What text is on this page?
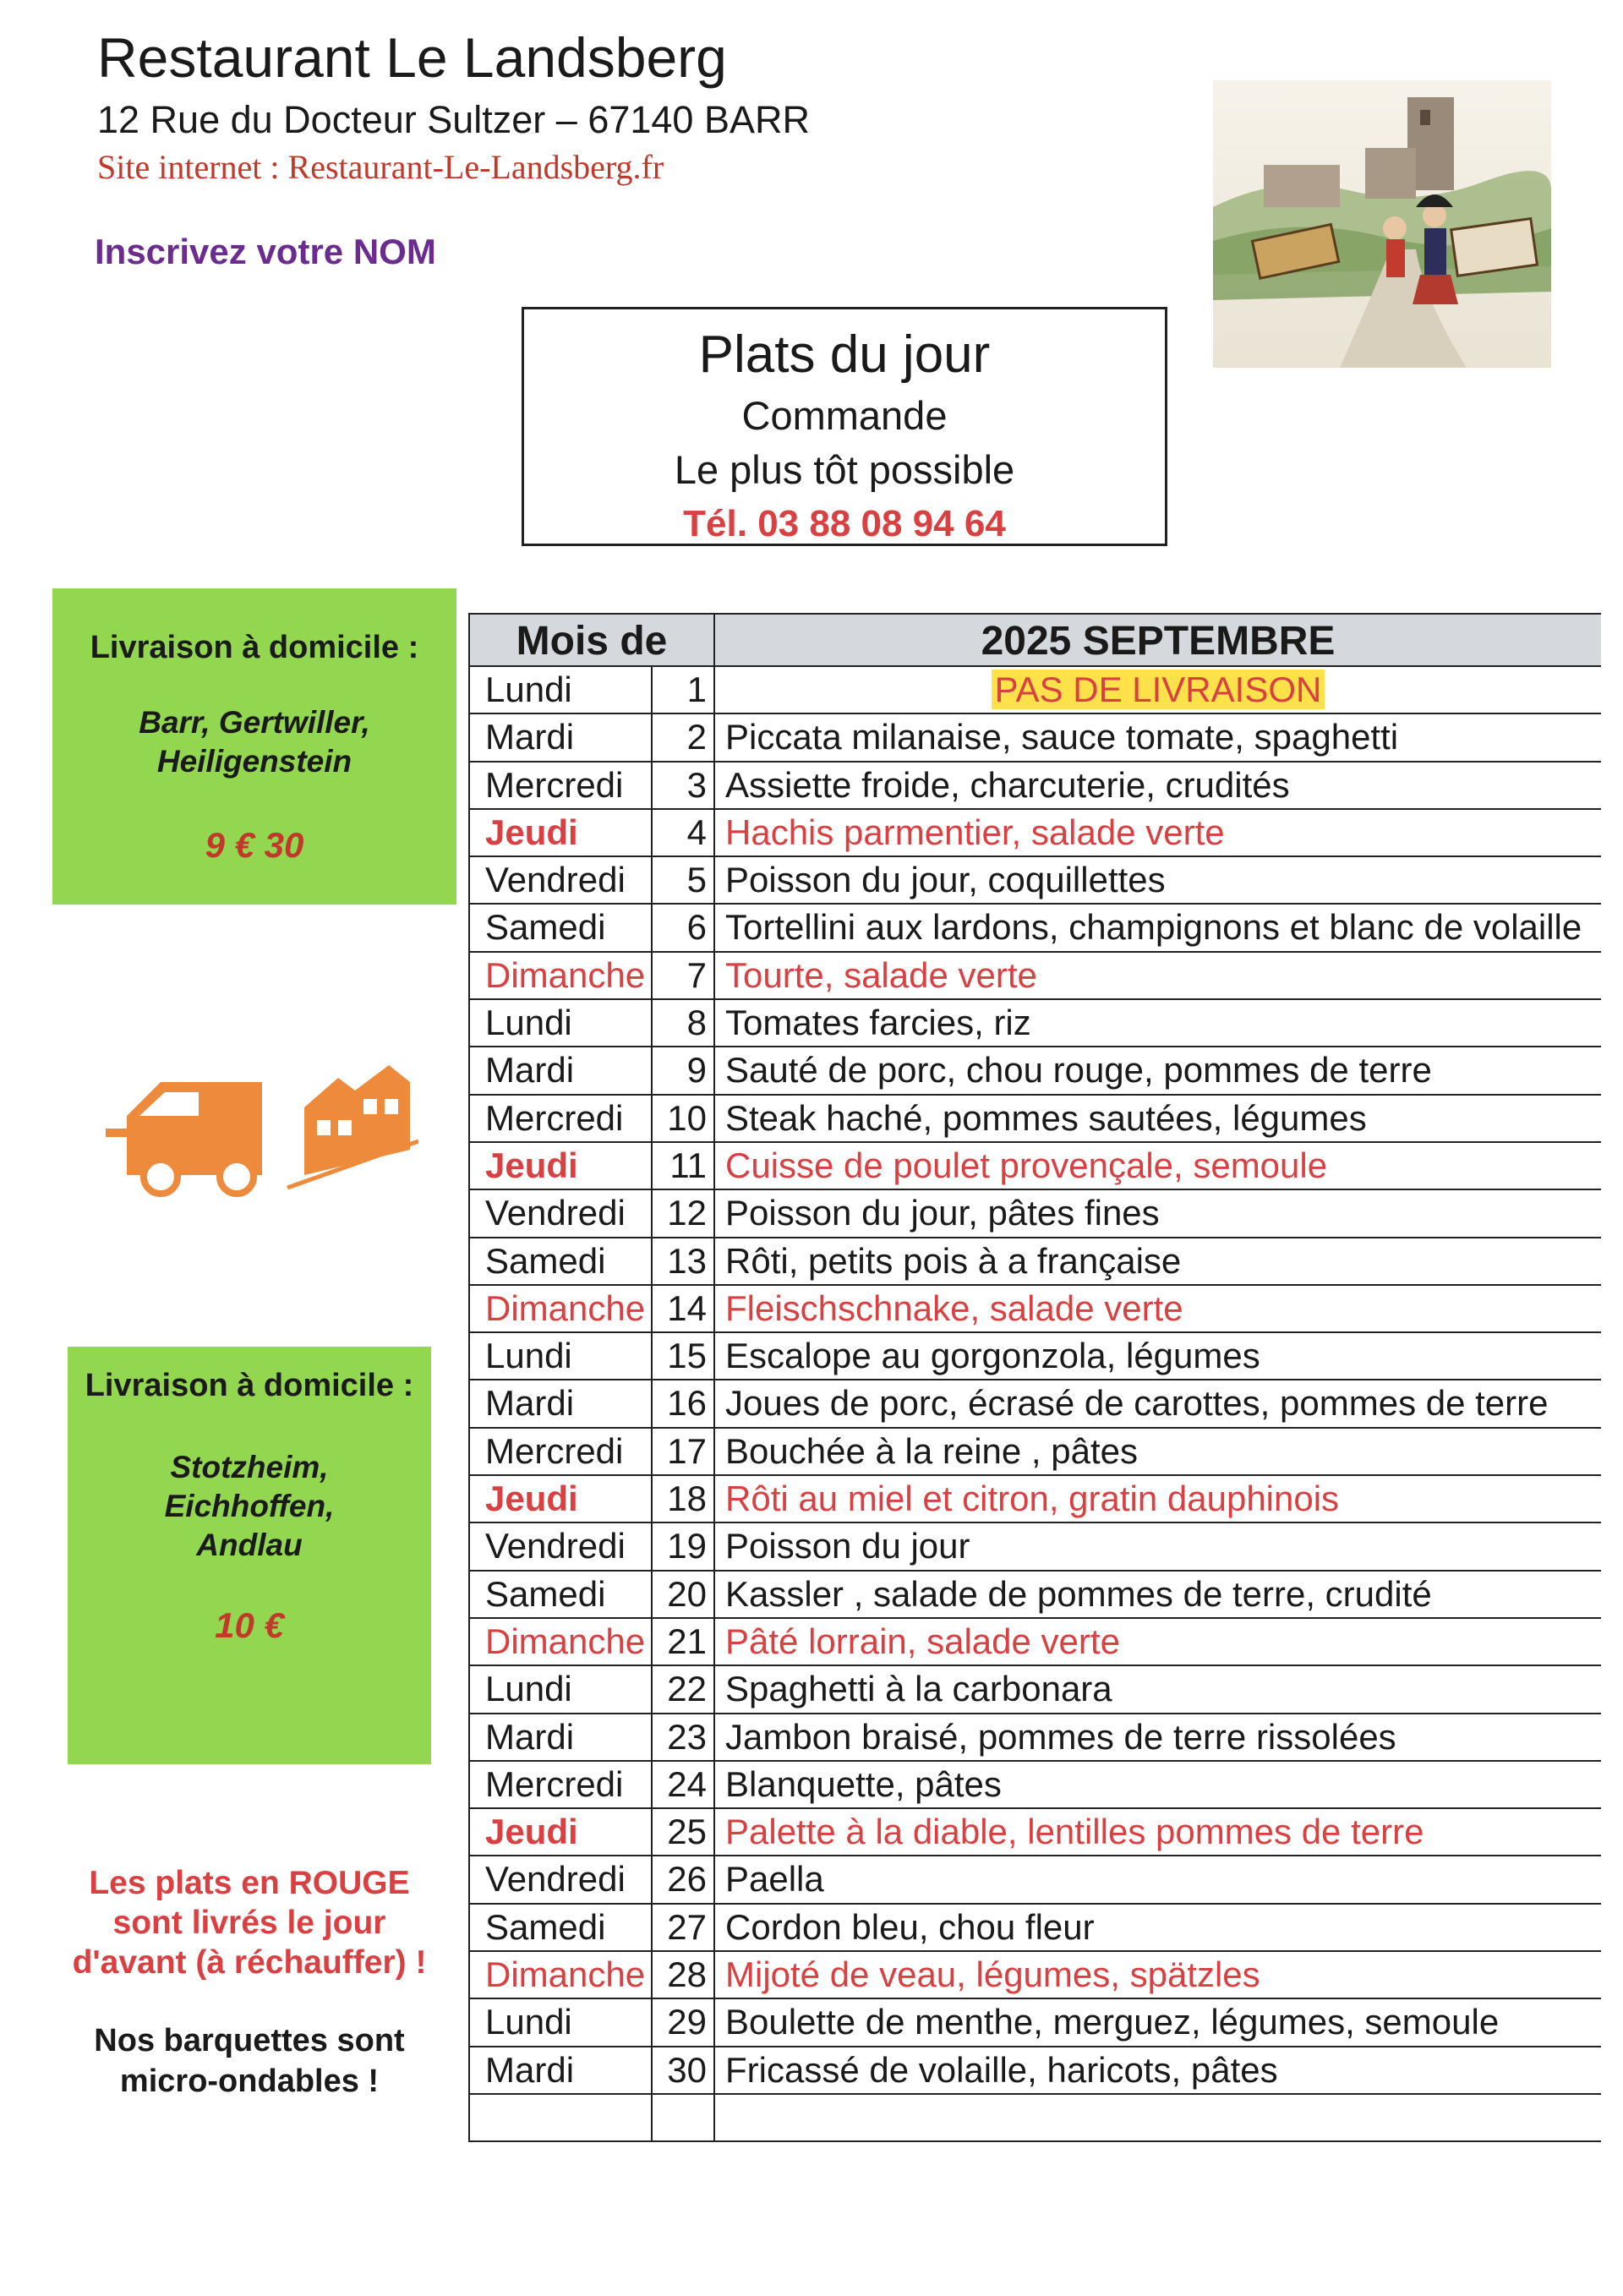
Restaurant Le Landsberg
12 Rue du Docteur Sultzer – 67140 BARR
Site internet : Restaurant-Le-Landsberg.fr
Inscrivez votre NOM
Plats du jour
Commande
Le plus tôt possible
Tél. 03 88 08 94 64
Livraison à domicile :
Barr, Gertwiller,
Heiligenstein
9 € 30
Livraison à domicile :
Stotzheim,
Eichhoffen,
Andlau
10 €
Les plats en ROUGE
sont livrés le jour
d'avant (à réchauffer) !
Nos barquettes sont
micro-ondables !
Mois de	2025 SEPTEMBRE
Lundi	1	PAS DE LIVRAISON
Mardi	2 Piccata milanaise, sauce tomate, spaghetti
Mercredi	3 Assiette froide, charcuterie, crudités
Jeudi	4 Hachis parmentier, salade verte
Vendredi	5 Poisson du jour, coquillettes
Samedi	6 Tortellini aux lardons, champignons et blanc de volaille
Dimanche	7 Tourte, salade verte
Lundi	8 Tomates farcies, riz
Mardi	9 Sauté de porc, chou rouge, pommes de terre
Mercredi	10 Steak haché, pommes sautées, légumes
Jeudi	11 Cuisse de poulet provençale, semoule
Vendredi	12 Poisson du jour, pâtes fines
Samedi	13 Rôti, petits pois à a française
Dimanche 14 Fleischschnake, salade verte
Lundi	15 Escalope au gorgonzola, légumes
Mardi	16 Joues de porc, écrasé de carottes, pommes de terre
Mercredi	17 Bouchée à la reine , pâtes
Jeudi	18 Rôti au miel et citron, gratin dauphinois
Vendredi	19 Poisson du jour
Samedi	20 Kassler , salade de pommes de terre, crudité
Dimanche 21 Pâté lorrain, salade verte
Lundi	22 Spaghetti à la carbonara
Mardi	23 Jambon braisé, pommes de terre rissolées
Mercredi	24 Blanquette, pâtes
Jeudi	25 Palette à la diable, lentilles pommes de terre
Vendredi	26 Paella
Samedi	27 Cordon bleu, chou fleur
Dimanche 28 Mijoté de veau, légumes, spätzles
Lundi	29 Boulette de menthe, merguez, légumes, semoule
Mardi	30 Fricassé de volaille, haricots, pâtes
